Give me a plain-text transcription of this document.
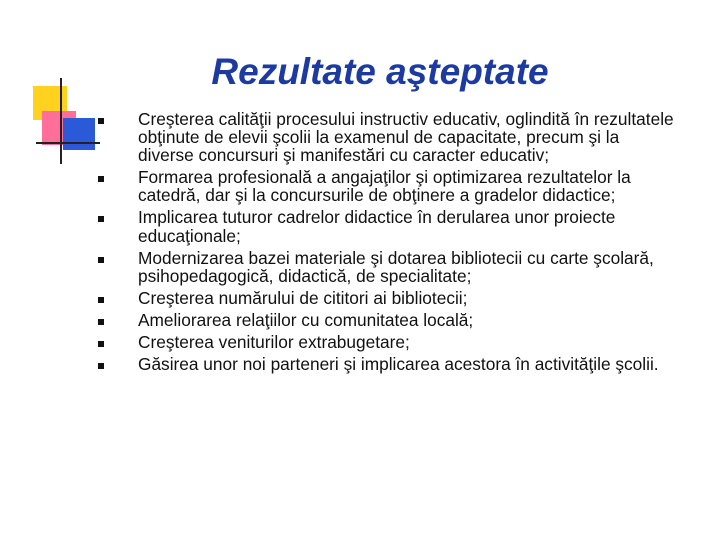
Rezultate aşteptate
Creşterea calităţii procesului instructiv educativ, oglindită în rezultatele obţinute de elevii şcolii la examenul de capacitate, precum şi la diverse concursuri şi manifestări cu caracter educativ;
Formarea profesională a angajaţilor şi optimizarea rezultatelor la catedră, dar şi la concursurile de obţinere a gradelor didactice;
Implicarea tuturor cadrelor didactice în derularea unor proiecte educaţionale;
Modernizarea bazei materiale şi dotarea bibliotecii cu carte şcolară, psihopedagogică, didactică, de specialitate;
Creşterea numărului de cititori ai bibliotecii;
Ameliorarea relaţiilor cu comunitatea locală;
Creşterea veniturilor extrabugetare;
Găsirea unor noi parteneri şi implicarea acestora în activităţile şcolii.
